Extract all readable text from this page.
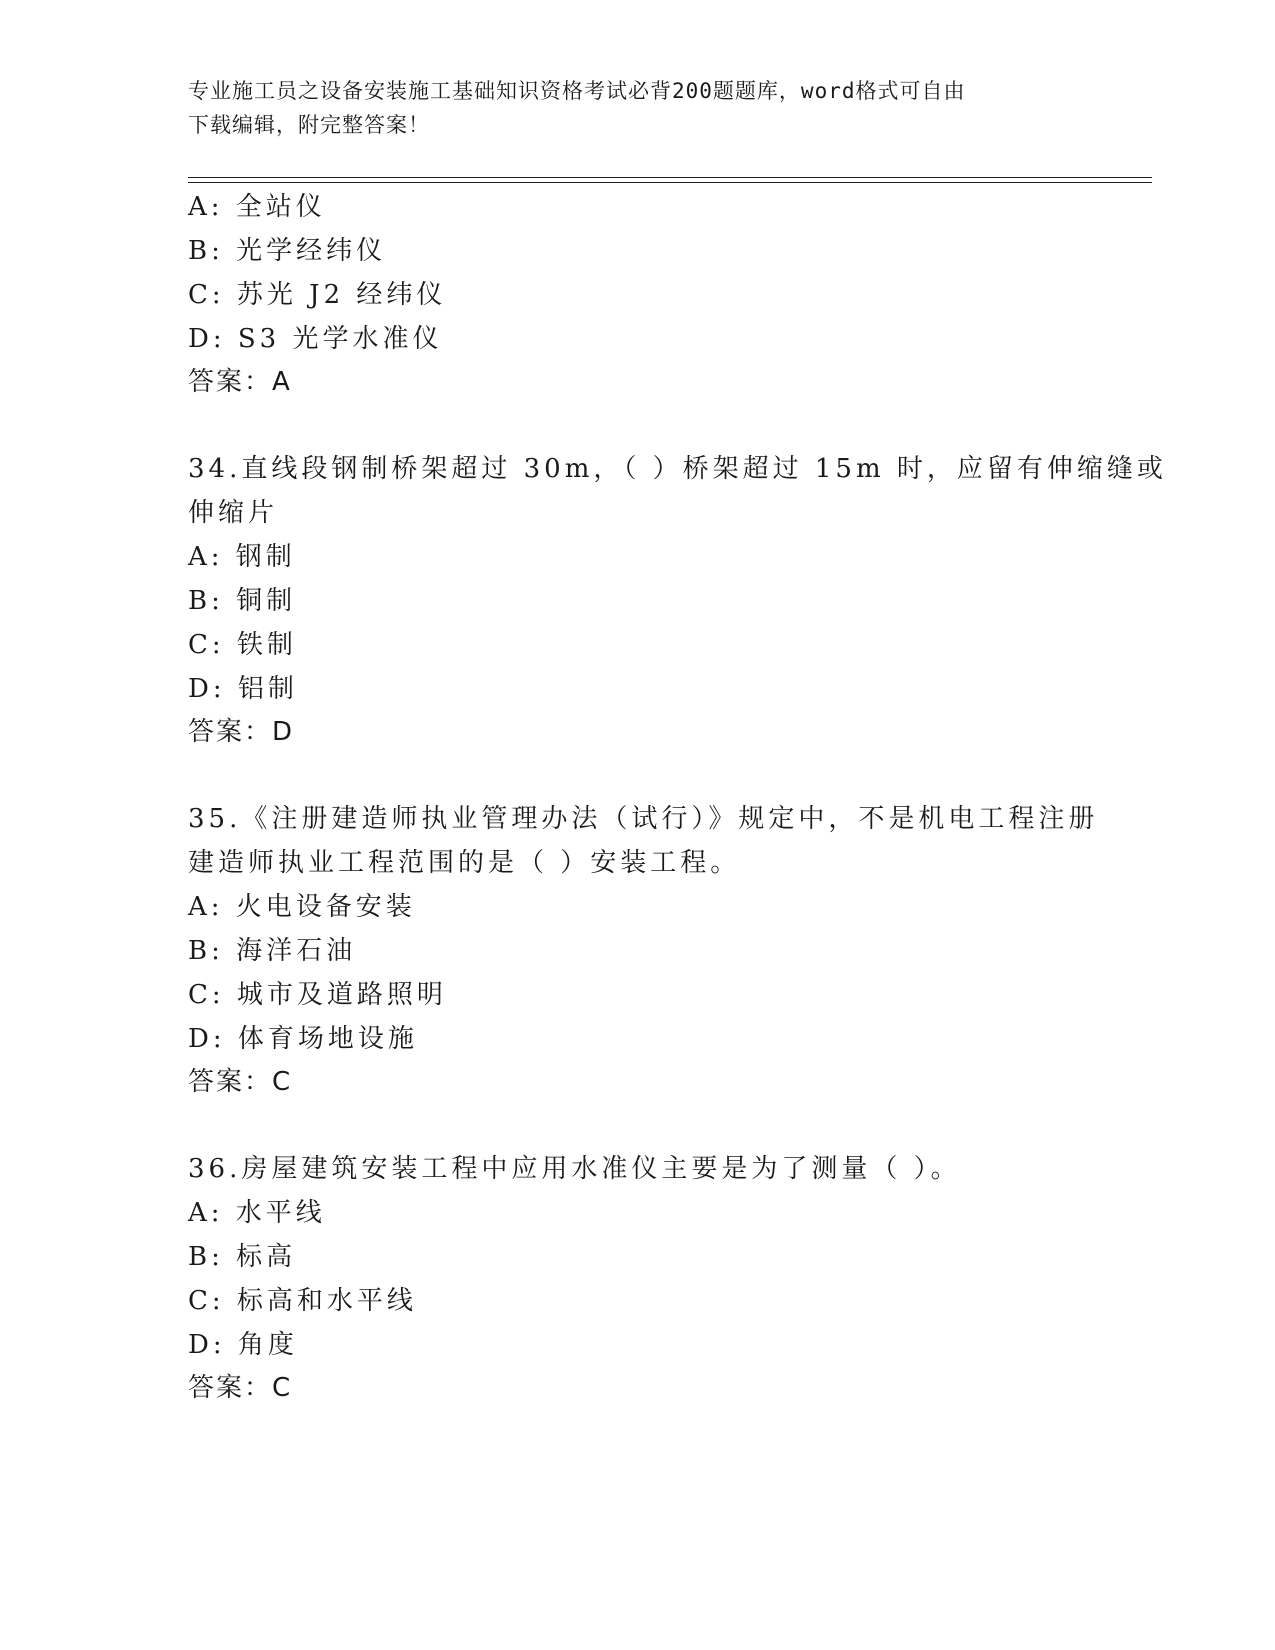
专业施工员之设备安装施工基础知识资格考试必背200题题库，word格式可自由
下载编辑，附完整答案！
A: 全站仪
B: 光学经纬仪
C: 苏光 J2 经纬仪
D: S3 光学水准仪
答案：A
34.直线段钢制桥架超过 30m，（ ）桥架超过 15m 时，应留有伸缩缝或
伸缩片
A: 钢制
B: 铜制
C: 铁制
D: 铝制
答案：D
35.《注册建造师执业管理办法（试行）》规定中，不是机电工程注册
建造师执业工程范围的是（ ）安装工程。
A: 火电设备安装
B: 海洋石油
C: 城市及道路照明
D: 体育场地设施
答案：C
36.房屋建筑安装工程中应用水准仪主要是为了测量（ ）。
A: 水平线
B: 标高
C: 标高和水平线
D: 角度
答案：C
